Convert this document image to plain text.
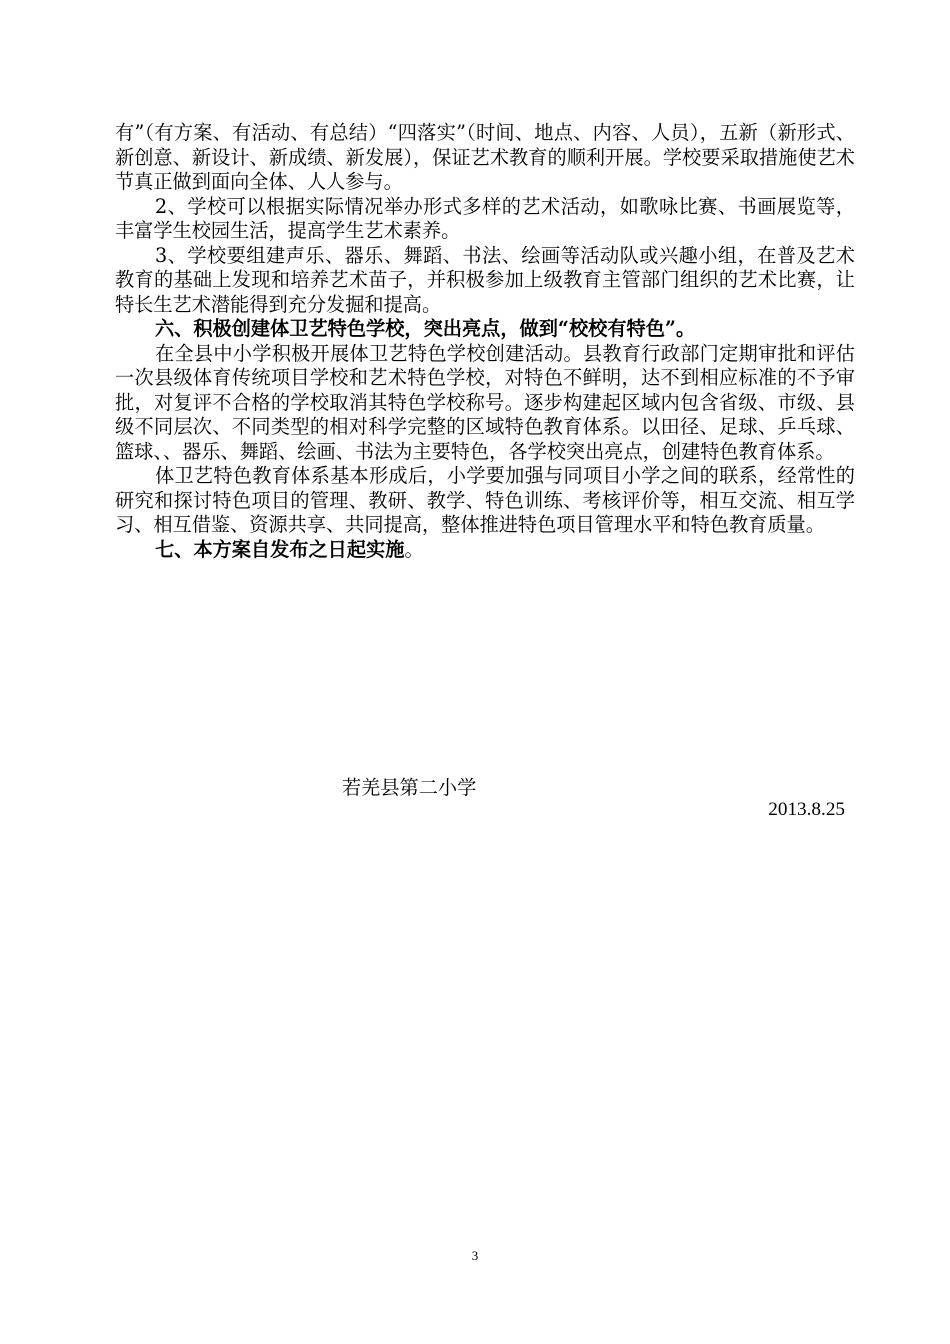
有”（有方案、有活动、有总结）“四落实”（时间、地点、内容、人员），五新（新形式、新创意、新设计、新成绩、新发展），保证艺术教育的顺利开展。学校要采取措施使艺术节真正做到面向全体、人人参与。

2、学校可以根据实际情况举办形式多样的艺术活动，如歌咏比赛、书画展览等，丰富学生校园生活，提高学生艺术素养。

3、学校要组建声乐、器乐、舞蹈、书法、绘画等活动队或兴趣小组，在普及艺术教育的基础上发现和培养艺术苗子，并积极参加上级教育主管部门组织的艺术比赛，让特长生艺术潜能得到充分发掘和提高。

六、积极创建体卫艺特色学校，突出亮点，做到“校校有特色”。

在全县中小学积极开展体卫艺特色学校创建活动。县教育行政部门定期审批和评估一次县级体育传统项目学校和艺术特色学校，对特色不鲜明，达不到相应标准的不予审批，对复评不合格的学校取消其特色学校称号。逐步构建起区域内包含省级、市级、县级不同层次、不同类型的相对科学完整的区域特色教育体系。以田径、足球、乒乓球、篮球、、器乐、舞蹈、绘画、书法为主要特色，各学校突出亮点，创建特色教育体系。

体卫艺特色教育体系基本形成后，小学要加强与同项目小学之间的联系，经常性的研究和探讨特色项目的管理、教研、教学、特色训练、考核评价等，相互交流、相互学习、相互借鉴、资源共享、共同提高，整体推进特色项目管理水平和特色教育质量。

七、本方案自发布之日起实施。

若羌县第二小学
2013.8.25
3
